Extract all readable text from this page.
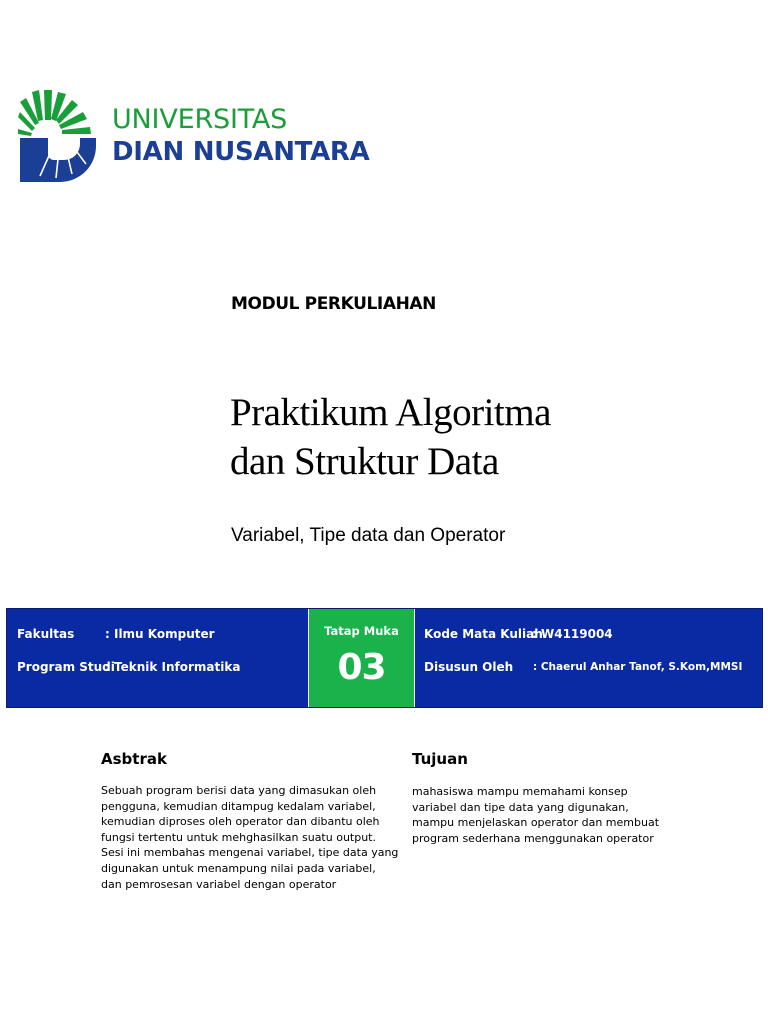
UNIVERSITAS
DIAN NUSANTARA
MODUL PERKULIAHAN
Praktikum Algoritma
dan Struktur Data
Variabel, Tipe data dan Operator
Fakultas	: Ilmu Komputer
Program Studi
: Teknik Informatika
Tatap Muka
03
Kode Mata Kuliah
: W4119004
Disusun Oleh : Chaerul Anhar Tanof, S.Kom,MMSI
Asbtrak
Sebuah program berisi data yang dimasukan oleh
pengguna, kemudian ditampug kedalam variabel,
kemudian diproses oleh operator dan dibantu oleh
fungsi tertentu untuk mehghasilkan suatu output.
Sesi ini membahas mengenai variabel, tipe data yang
digunakan untuk menampung nilai pada variabel,
dan pemrosesan variabel dengan operator
Tujuan
mahasiswa mampu memahami konsep
variabel dan tipe data yang digunakan,
mampu menjelaskan operator dan membuat
program sederhana menggunakan operator
